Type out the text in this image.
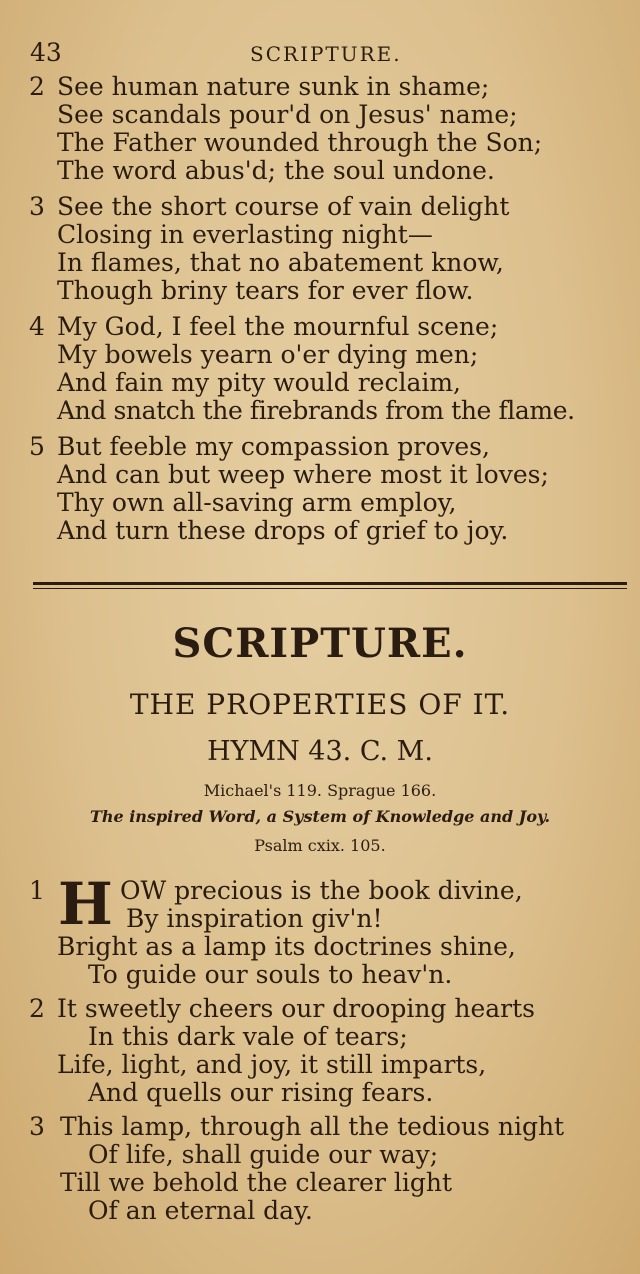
43	SCRIPTURE.
2 See human nature sunk in shame;
See scandals pour'd on Jesus' name;
The Father wounded through the Son;
The word abus'd; the soul undone.
3 See the short course of vain delight
Closing in everlasting night—
In flames, that no abatement know,
Though briny tears for ever flow.
4 My God, I feel the mournful scene;
My bowels yearn o'er dying men;
And fain my pity would reclaim,
And snatch the firebrands from the flame.
5 But feeble my compassion proves,
And can but weep where most it loves;
Thy own all-saving arm employ,
And turn these drops of grief to joy.
SCRIPTURE.
THE PROPERTIES OF IT.
HYMN 43. C. M.
Michael's 119. Sprague 166.
The inspired Word, a System of Knowledge and Joy.
Psalm cxix. 105.
1	OW precious is the book divine,
By inspiration giv'n!
Bright as a lamp its doctrines shine,
To guide our souls to heav'n.
H
2 It sweetly cheers our drooping hearts
In this dark vale of tears;
Life, light, and joy, it still imparts,
And quells our rising fears.
3 This lamp, through all the tedious night
Of life, shall guide our way;
Till we behold the clearer light
Of an eternal day.
